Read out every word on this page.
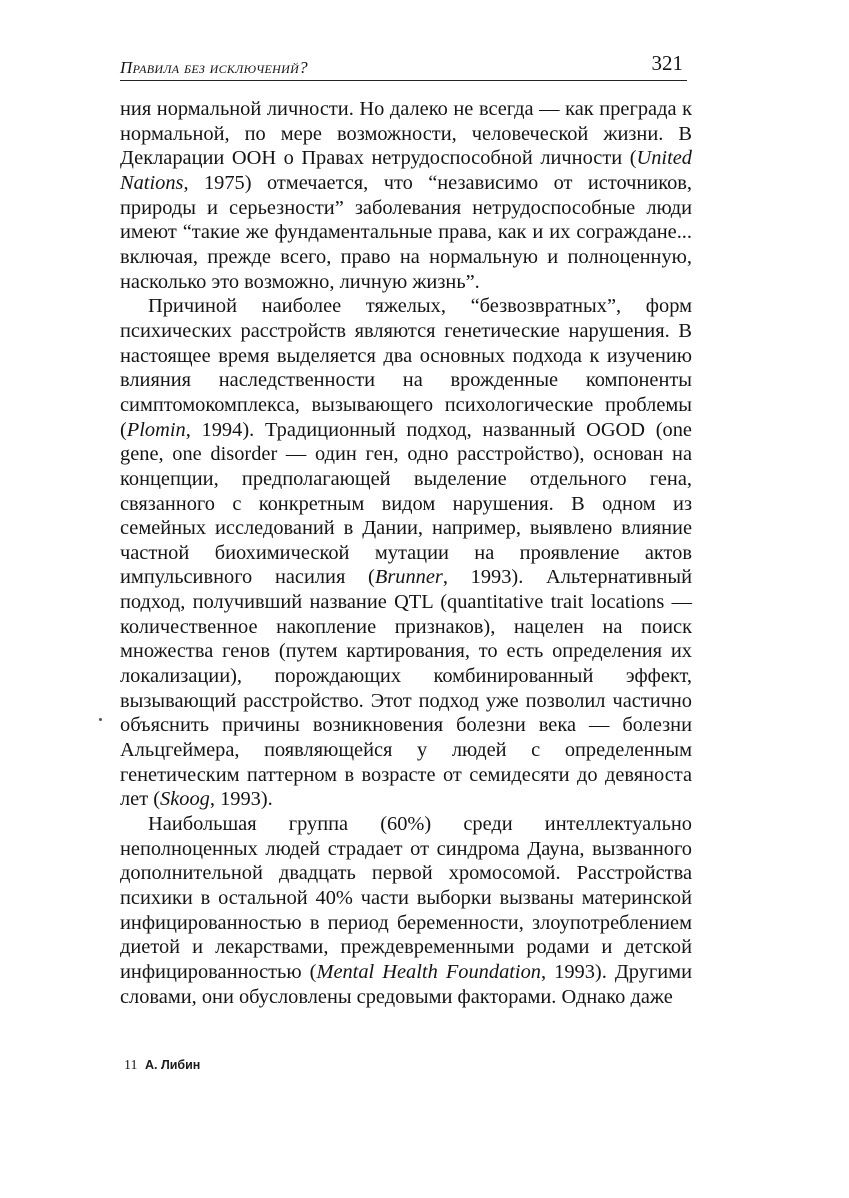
Правила без исключений?	321

ния нормальной личности. Но далеко не всегда — как преграда к нормальной, по мере возможности, человеческой жизни. В Декларации ООН о Правах нетрудоспособной личности (United Nations, 1975) отмечается, что “независимо от источников, природы и серьезности” заболевания нетрудоспособные люди имеют “такие же фундаментальные права, как и их сограждане... включая, прежде всего, право на нормальную и полноценную, насколько это возможно, личную жизнь”.

Причиной наиболее тяжелых, “безвозвратных”, форм психических расстройств являются генетические нарушения. В настоящее время выделяется два основных подхода к изучению влияния наследственности на врожденные компоненты симптомокомплекса, вызывающего психологические проблемы (Plomin, 1994). Традиционный подход, названный OGOD (one gene, one disorder — один ген, одно расстройство), основан на концепции, предполагающей выделение отдельного гена, связанного с конкретным видом нарушения. В одном из семейных исследований в Дании, например, выявлено влияние частной биохимической мутации на проявление актов импульсивного насилия (Brunner, 1993). Альтернативный подход, получивший название QTL (quantitative trait locations — количественное накопление признаков), нацелен на поиск множества генов (путем картирования, то есть определения их локализации), порождающих комбинированный эффект, вызывающий расстройство. Этот подход уже позволил частично объяснить причины возникновения болезни века — болезни Альцгеймера, появляющейся у людей с определенным генетическим паттерном в возрасте от семидесяти до девяноста лет (Skoog, 1993).

Наибольшая группа (60%) среди интеллектуально неполноценных людей страдает от синдрома Дауна, вызванного дополнительной двадцать первой хромосомой. Расстройства психики в остальной 40% части выборки вызваны материнской инфицированностью в период беременности, злоупотреблением диетой и лекарствами, преждевременными родами и детской инфицированностью (Mental Health Foundation, 1993). Другими словами, они обусловлены средовыми факторами. Однако даже

11 А. Либин
